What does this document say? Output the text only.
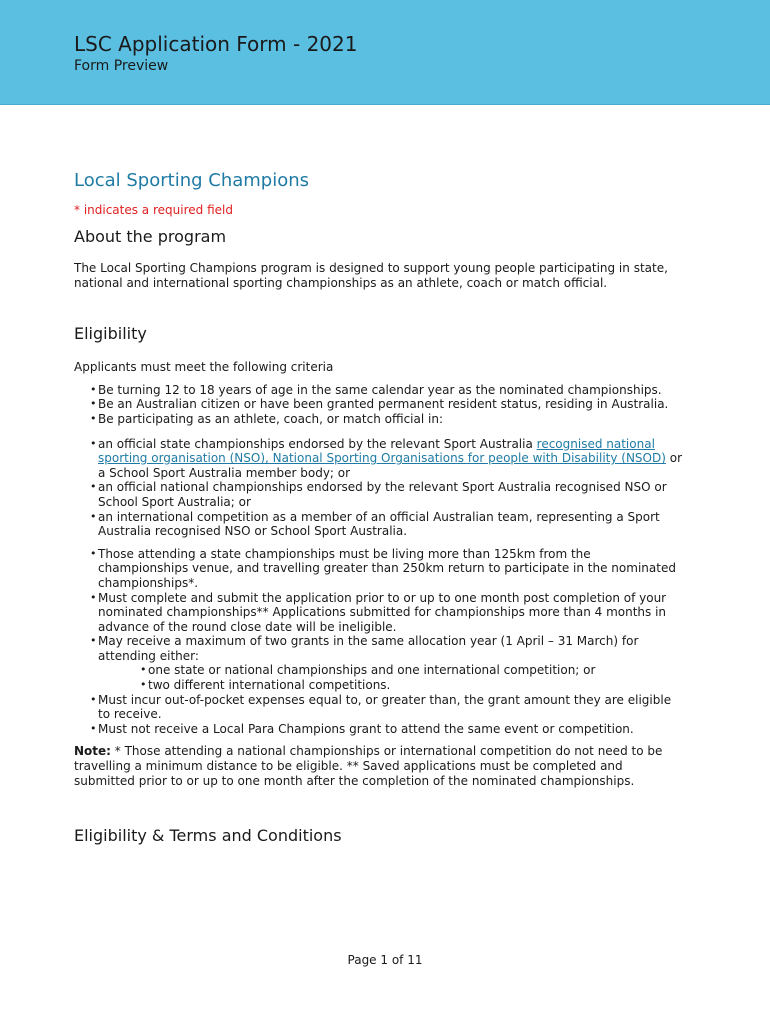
LSC Application Form - 2021
Form Preview
Local Sporting Champions
* indicates a required field
About the program

The Local Sporting Champions program is designed to support young people participating in state, national and international sporting championships as an athlete, coach or match official.

Eligibility

Applicants must meet the following criteria

• Be turning 12 to 18 years of age in the same calendar year as the nominated championships.
• Be an Australian citizen or have been granted permanent resident status, residing in Australia.
• Be participating as an athlete, coach, or match official in:
• an official state championships endorsed by the relevant Sport Australia recognised national sporting organisation (NSO), National Sporting Organisations for people with Disability (NSOD) or a School Sport Australia member body; or
• an official national championships endorsed by the relevant Sport Australia recognised NSO or School Sport Australia; or
• an international competition as a member of an official Australian team, representing a Sport Australia recognised NSO or School Sport Australia.
• Those attending a state championships must be living more than 125km from the championships venue, and travelling greater than 250km return to participate in the nominated championships*.
• Must complete and submit the application prior to or up to one month post completion of your nominated championships** Applications submitted for championships more than 4 months in advance of the round close date will be ineligible.
• May receive a maximum of two grants in the same allocation year (1 April – 31 March) for attending either:
• one state or national championships and one international competition; or
• two different international competitions.
• Must incur out-of-pocket expenses equal to, or greater than, the grant amount they are eligible to receive.
• Must not receive a Local Para Champions grant to attend the same event or competition.

Note: * Those attending a national championships or international competition do not need to be travelling a minimum distance to be eligible. ** Saved applications must be completed and submitted prior to or up to one month after the completion of the nominated championships.

Eligibility & Terms and Conditions
Page 1 of 11
